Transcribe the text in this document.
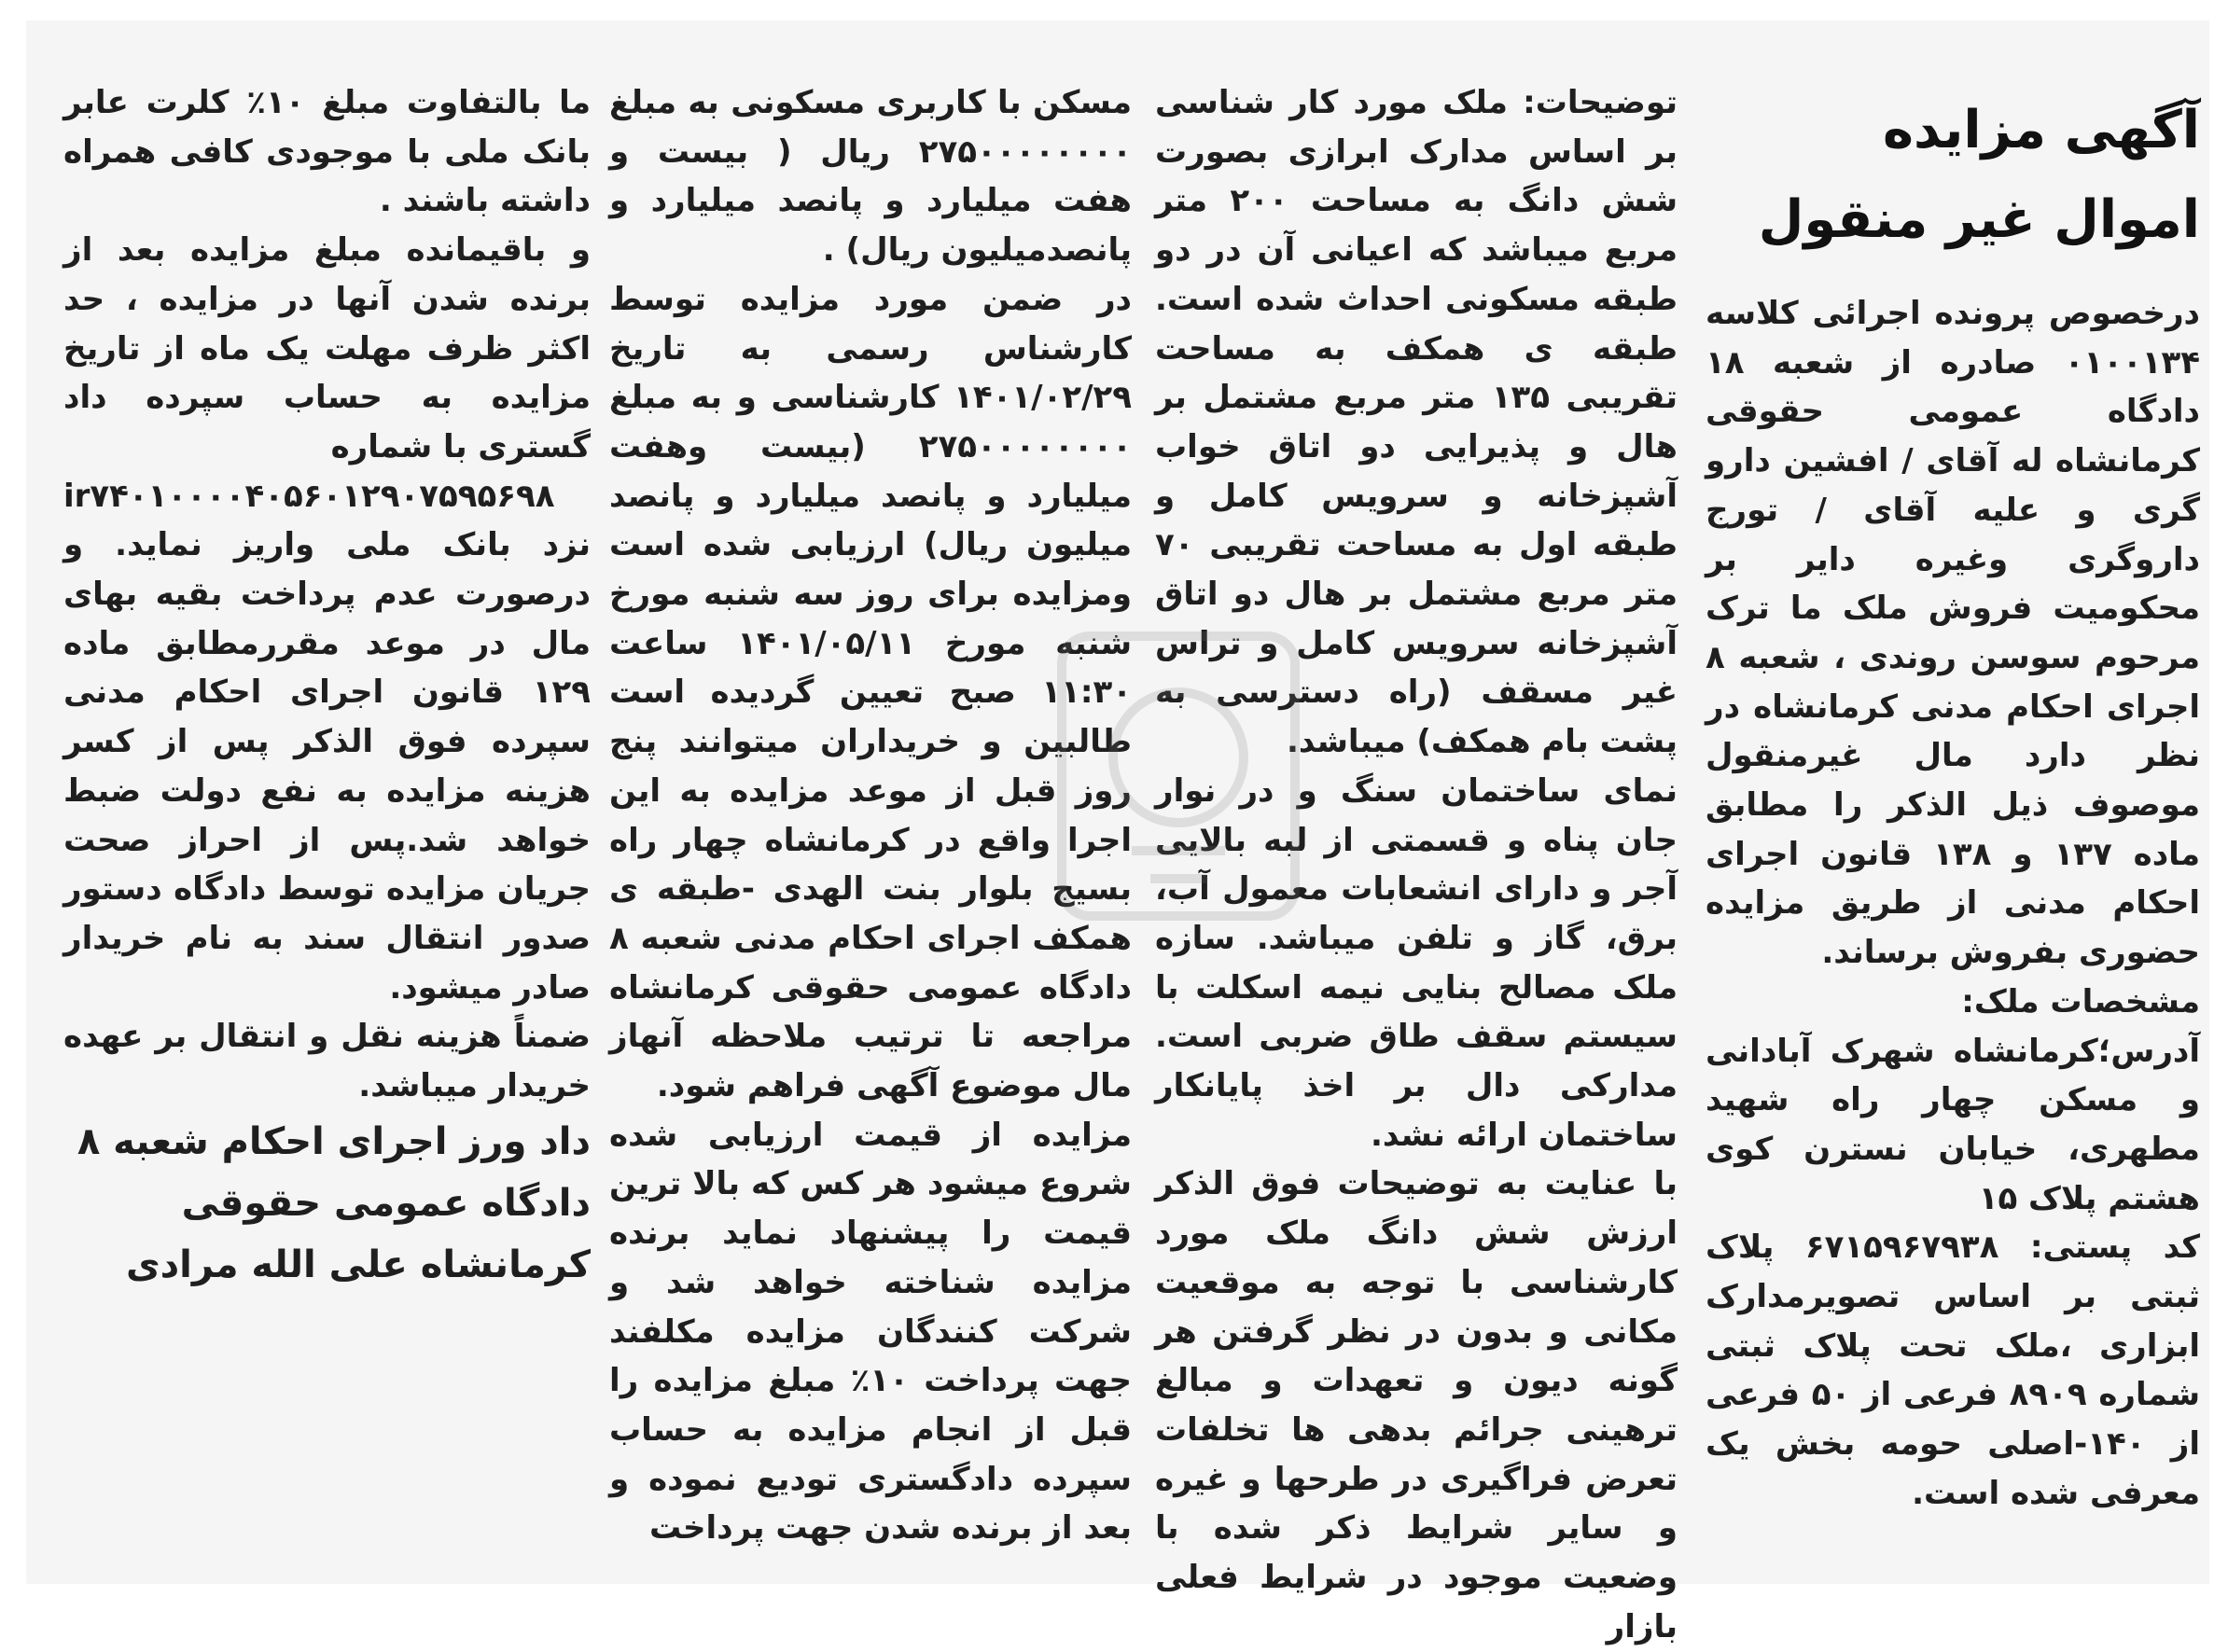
آگهی مزایده

اموال غیر منقول

درخصوص پرونده اجرائی کلاسه ۰۱۰۰۱۳۴ صادره از شعبه ۱۸ دادگاه عمومی حقوقی کرمانشاه له آقای / افشین دارو گری و علیه آقای / تورج داروگری وغیره دایر بر محکومیت فروش ملک ما ترک مرحوم سوسن روندی ، شعبه ۸ اجرای احکام مدنی کرمانشاه در نظر دارد مال غیرمنقول موصوف ذیل الذکر را مطابق ماده ۱۳۷ و ۱۳۸ قانون اجرای احکام مدنی از طریق مزایده حضوری بفروش برساند.

مشخصات ملک:

آدرس؛کرمانشاه شهرک آبادانی و مسکن چهار راه شهید مطهری، خیابان نسترن کوی هشتم پلاک ۱۵

کد پستی: ۶۷۱۵۹۶۷۹۳۸ پلاک ثبتی بر اساس تصویرمدارک ابزاری ،ملک تحت پلاک ثبتی شماره ۸۹۰۹ فرعی از ۵۰ فرعی از ۱۴۰-اصلی حومه بخش یک معرفی شده است.

توضیحات: ملک مورد کار شناسی بر اساس مدارک ابرازی بصورت شش دانگ به مساحت ۲۰۰ متر مربع میباشد که اعیانی آن در دو طبقه مسکونی احداث شده است. طبقه ی همکف به مساحت تقریبی ۱۳۵ متر مربع مشتمل بر هال و پذیرایی دو اتاق خواب آشپزخانه و سرویس کامل و طبقه اول به مساحت تقریبی ۷۰ متر مربع مشتمل بر هال دو اتاق آشپزخانه سرویس کامل و تراس غیر مسقف (راه دسترسی به پشت بام همکف) میباشد.

نمای ساختمان سنگ و در نوار جان پناه و قسمتی از لبه بالایی آجر و دارای انشعابات معمول آب، برق، گاز و تلفن میباشد. سازه ملک مصالح بنایی نیمه اسکلت با سیستم سقف طاق ضربی است. مدارکی دال بر اخذ پایانکار ساختمان ارائه نشد.

با عنایت به توضیحات فوق الذکر ارزش شش دانگ ملک مورد کارشناسی با توجه به موقعیت مکانی و بدون در نظر گرفتن هر گونه دیون و تعهدات و مبالغ ترهینی جرائم بدهی ها تخلفات تعرض فراگیری در طرحها و غیره و سایر شرایط ذکر شده با وضعیت موجود در شرایط فعلی بازار

مسکن با کاربری مسکونی به مبلغ ۲۷۵۰۰۰۰۰۰۰۰ ریال ( بیست و هفت میلیارد و پانصد میلیارد و پانصدمیلیون ریال) .

در ضمن مورد مزایده توسط کارشناس رسمی به تاریخ ۱۴۰۱/۰۲/۲۹ کارشناسی و به مبلغ ۲۷۵۰۰۰۰۰۰۰۰ (بیست وهفت میلیارد و پانصد میلیارد و پانصد میلیون ریال) ارزیابی شده است ومزایده برای روز سه شنبه مورخ شنبه مورخ ۱۴۰۱/۰۵/۱۱ ساعت ۱۱:۳۰ صبح تعیین گردیده است طالبین و خریداران میتوانند پنج روز قبل از موعد مزایده به این اجرا واقع در کرمانشاه چهار راه بسیج بلوار بنت الهدی -طبقه ی همکف اجرای احکام مدنی شعبه ۸ دادگاه عمومی حقوقی کرمانشاه مراجعه تا ترتیب ملاحظه آنهاز مال موضوع آگهی فراهم شود.

مزایده از قیمت ارزیابی شده شروع میشود هر کس که بالا ترین قیمت را پیشنهاد نماید برنده مزایده شناخته خواهد شد و شرکت کنندگان مزایده مکلفند جهت پرداخت ۱۰٪ مبلغ مزایده را قبل از انجام مزایده به حساب سپرده دادگستری تودیع نموده و بعد از برنده شدن جهت پرداخت

ما بالتفاوت مبلغ ۱۰٪ کلرت عابر بانک ملی با موجودی کافی همراه داشته باشند .

و باقیمانده مبلغ مزایده بعد از برنده شدن آنها در مزایده ، حد اکثر ظرف مهلت یک ماه از تاریخ مزایده به حساب سپرده داد گستری با شماره

ir۷۴۰۱۰۰۰۰۴۰۵۶۰۱۲۹۰۷۵۹۵۶۹۸

نزد بانک ملی واریز نماید. و درصورت عدم پرداخت بقیه بهای مال در موعد مقررمطابق ماده ۱۲۹ قانون اجرای احکام مدنی سپرده فوق الذکر پس از کسر هزینه مزایده به نفع دولت ضبط خواهد شد.پس از احراز صحت جریان مزایده توسط دادگاه دستور صدور انتقال سند به نام خریدار صادر میشود.

ضمناً هزینه نقل و انتقال بر عهده خریدار میباشد.

داد ورز اجرای احکام شعبه ۸ دادگاه عمومی حقوقی کرمانشاه علی الله مرادی
